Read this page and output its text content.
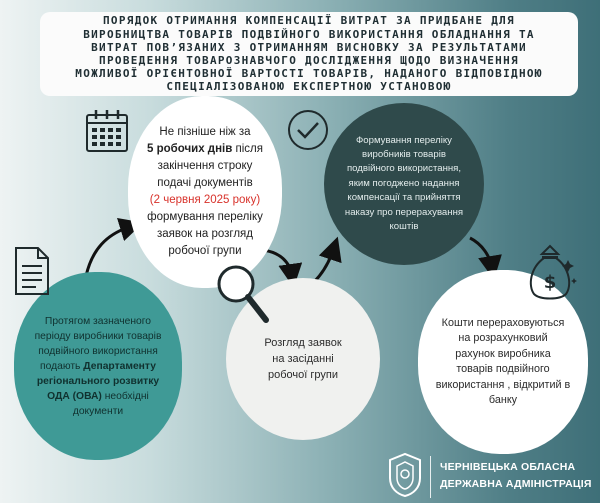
ПОРЯДОК ОТРИМАННЯ КОМПЕНСАЦІЇ ВИТРАТ ЗА ПРИДБАНЕ ДЛЯ
ВИРОБНИЦТВА ТОВАРІВ ПОДВІЙНОГО ВИКОРИСТАННЯ ОБЛАДНАННЯ ТА
ВИТРАТ ПОВ’ЯЗАНИХ З ОТРИМАННЯМ ВИСНОВКУ ЗА РЕЗУЛЬТАТАМИ
ПРОВЕДЕННЯ ТОВАРОЗНАВЧОГО ДОСЛІДЖЕННЯ ЩОДО ВИЗНАЧЕННЯ
МОЖЛИВОЇ ОРІЄНТОВНОЇ ВАРТОСТІ ТОВАРІВ, НАДАНОГО ВІДПОВІДНОЮ
СПЕЦІАЛІЗОВАНОЮ ЕКСПЕРТНОЮ УСТАНОВОЮ

Не пізніше ніж за

5 робочих днів після

закінчення строку

подачі документів

(2 червня 2025 року)

формування переліку

заявок на розгляд

робочої групи

Формування переліку

виробників товарів

подвійного використання,

яким погоджено надання

компенсації та прийняття

наказу про перерахування

коштів

Розгляд заявок

на засіданні

робочої групи

Протягом зазначеного

періоду виробники товарів

подвійного використання

подають Департаменту

регіонального розвитку

ОДА (ОВА) необхідні

документи

Кошти перераховуються

на розрахунковий

рахунок виробника

товарів подвійного

використання , відкритий в

банку

$
ЧЕРНІВЕЦЬКА ОБЛАСНА
ДЕРЖАВНА АДМІНІСТРАЦІЯ
